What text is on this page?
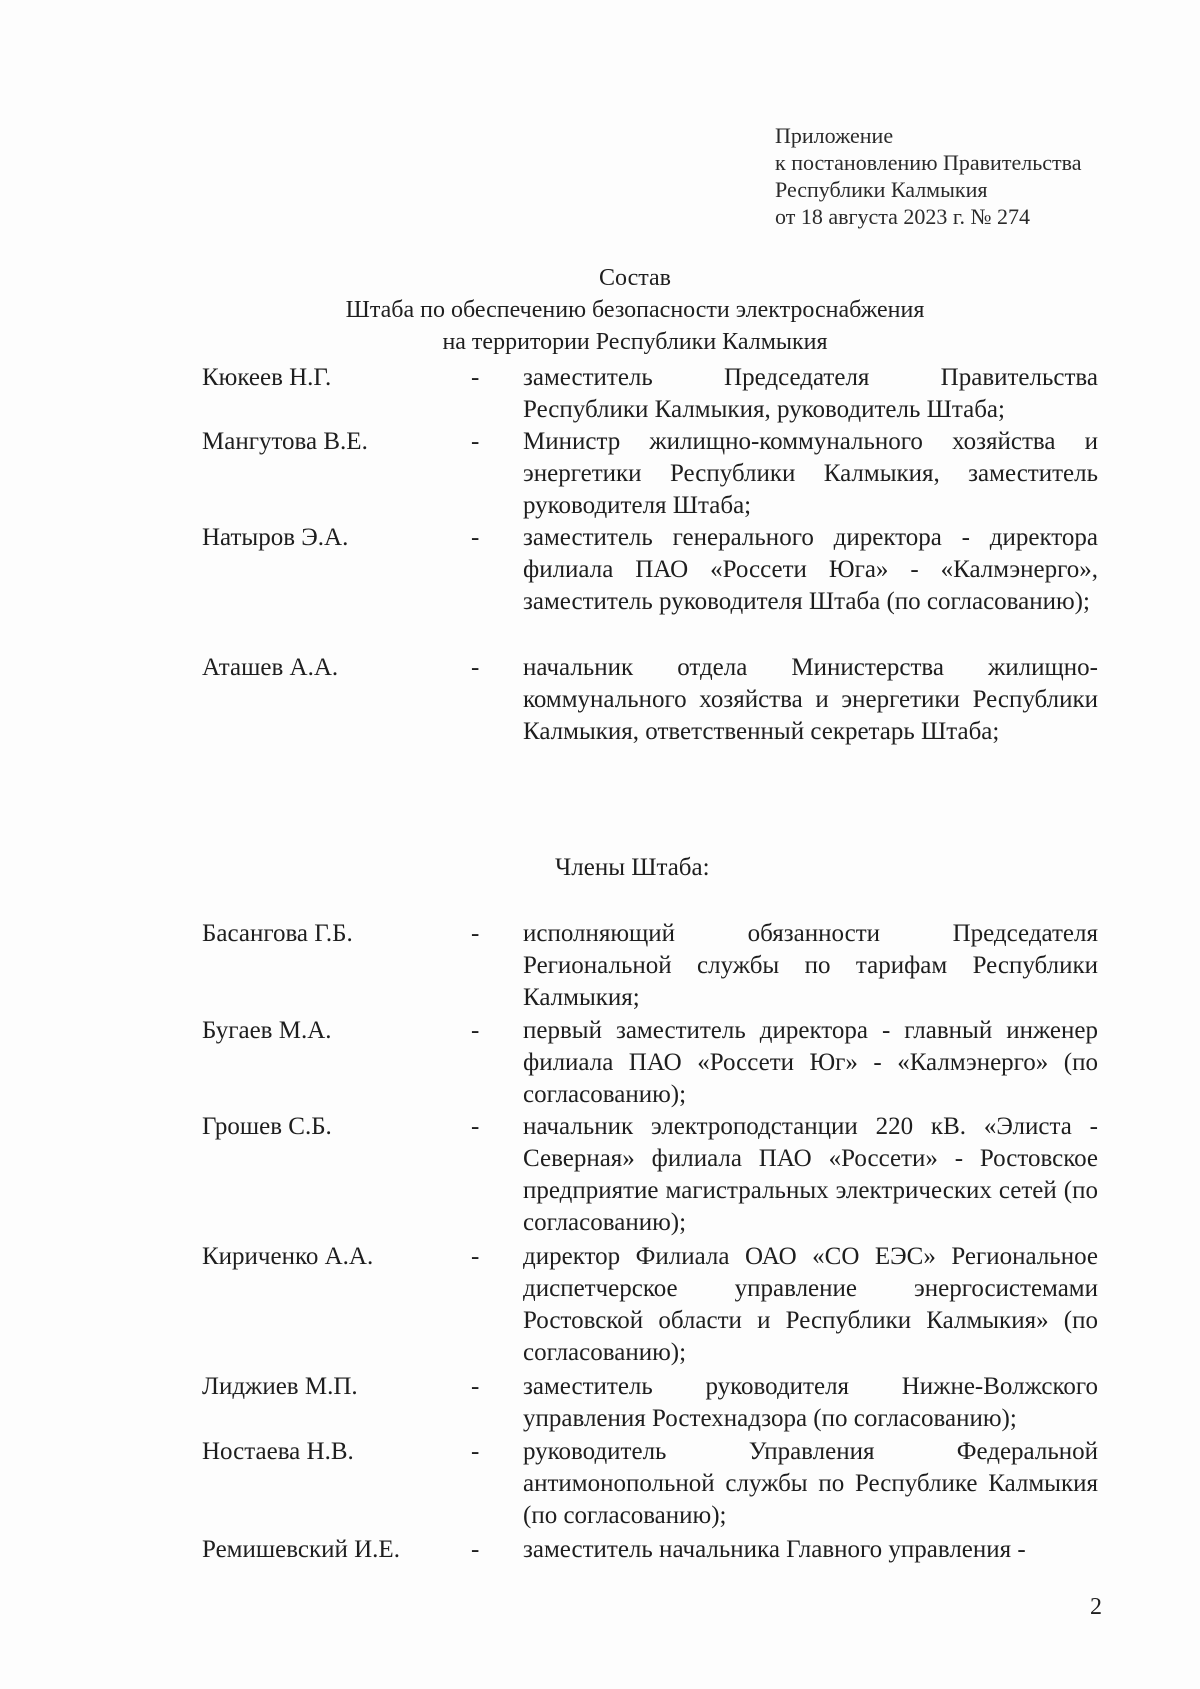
Приложение
к постановлению Правительства
Республики Калмыкия
от 18 августа 2023 г. № 274
Состав
Штаба по обеспечению безопасности электроснабжения
на территории Республики Калмыкия
Кюкеев Н.Г.	- заместитель Председателя Правительства Республики Калмыкия, руководитель Штаба;
Мангутова В.Е.	- Министр жилищно-коммунального хозяйства и энергетики Республики Калмыкия, заместитель руководителя Штаба;
Натыров Э.А.	- заместитель генерального директора - директора филиала ПАО «Россети Юга» - «Калмэнерго», заместитель руководителя Штаба (по согласованию);
Аташев А.А.	- начальник отдела Министерства жилищно-коммунального хозяйства и энергетики Республики Калмыкия, ответственный секретарь Штаба;
Члены Штаба:
Басангова Г.Б.	- исполняющий обязанности Председателя Региональной службы по тарифам Республики Калмыкия;
Бугаев М.А.	- первый заместитель директора - главный инженер филиала ПАО «Россети Юг» - «Калмэнерго» (по согласованию);
Грошев С.Б.	- начальник электроподстанции 220 кВ. «Элиста - Северная» филиала ПАО «Россети» - Ростовское предприятие магистральных электрических сетей (по согласованию);
Кириченко А.А.	- директор Филиала ОАО «СО ЕЭС» Региональное диспетчерское управление энергосистемами Ростовской области и Республики Калмыкия» (по согласованию);
Лиджиев М.П.	- заместитель руководителя Нижне-Волжского управления Ростехнадзора (по согласованию);
Ностаева Н.В.	- руководитель Управления Федеральной антимонопольной службы по Республике Калмыкия (по согласованию);
Ремишевский И.Е.	- заместитель начальника Главного управления -
2
